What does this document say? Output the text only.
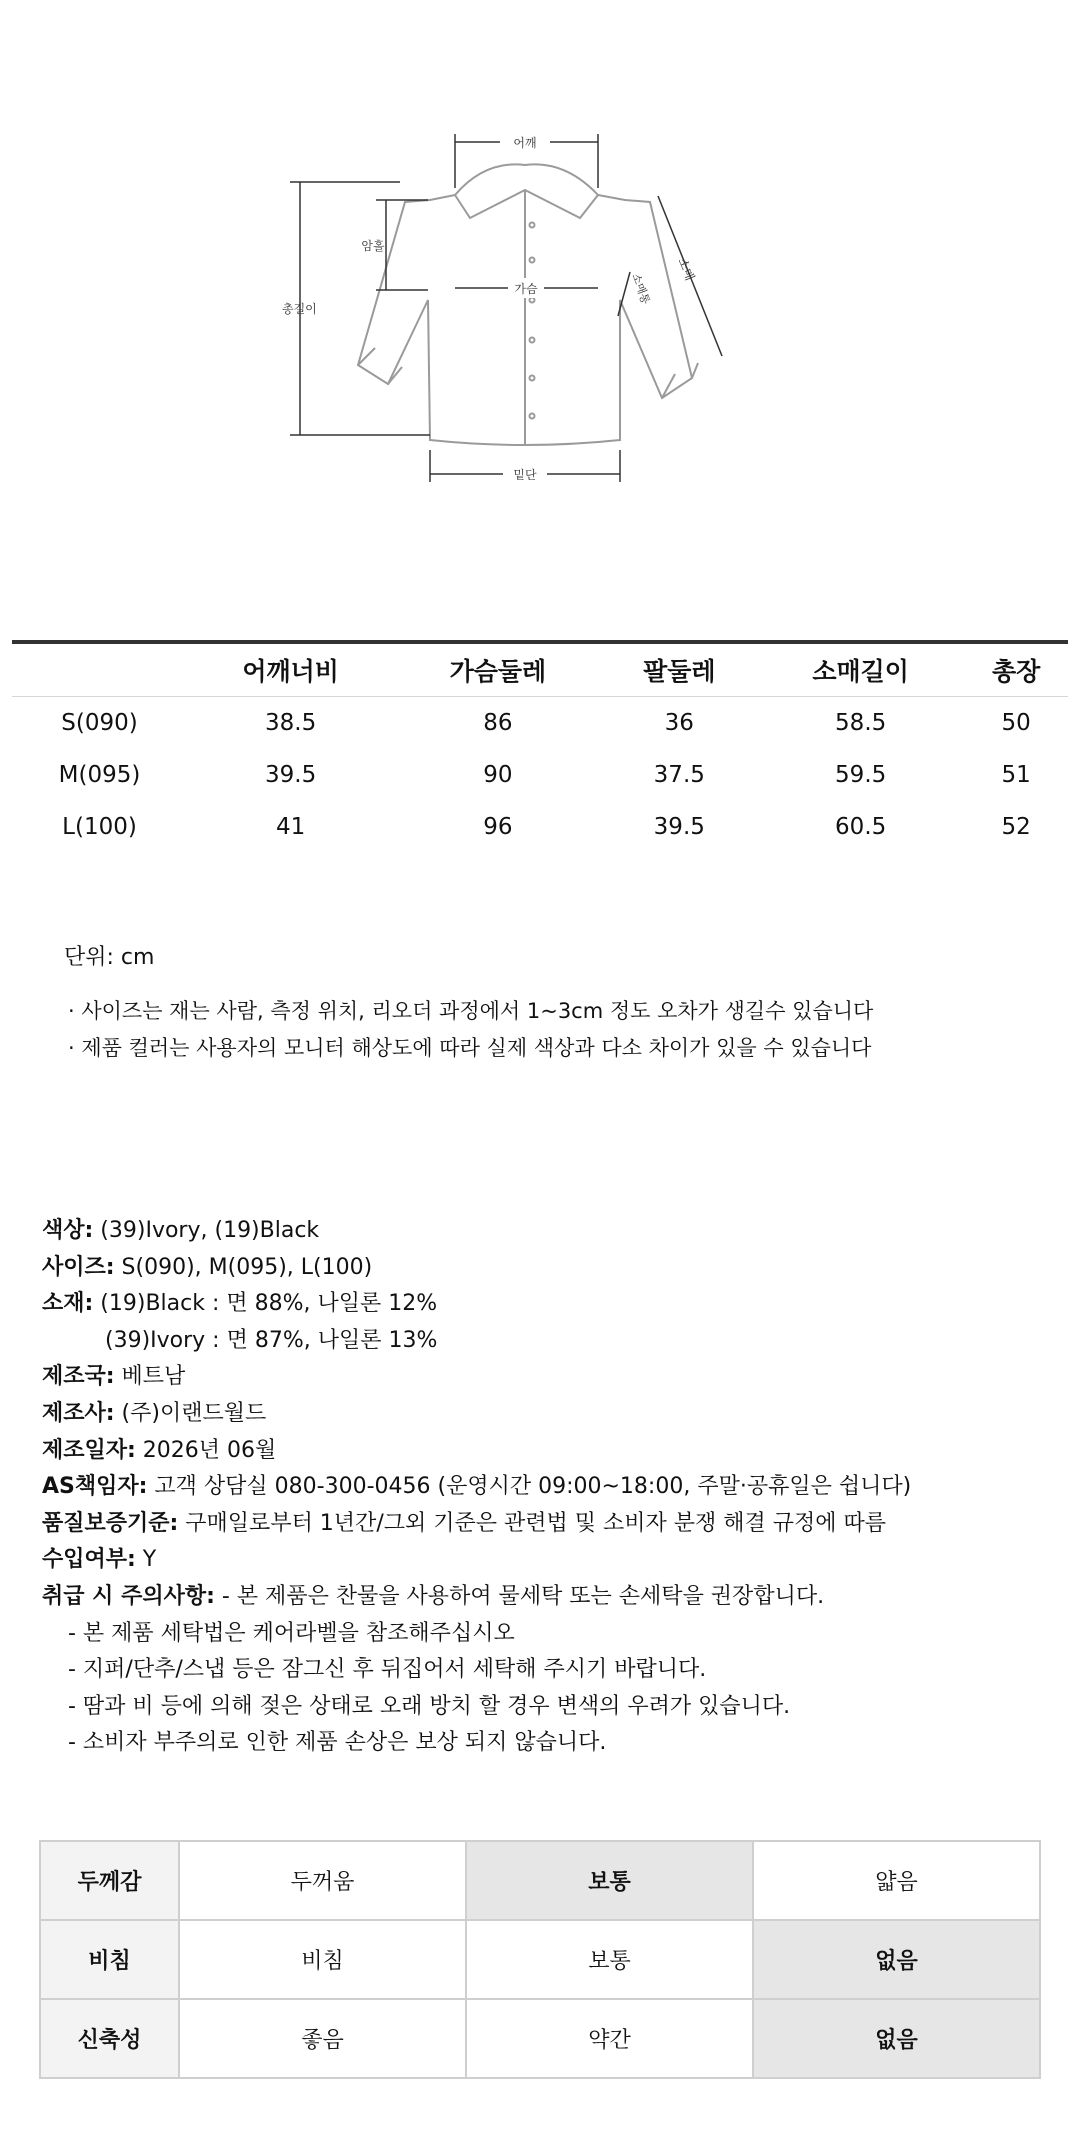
어깨
총길이
암홀
가슴	소매통
소매
밑단
	어깨너비	가슴둘레	팔둘레	소매길이	총장
S(090)	38.5	86	36	58.5	50
M(095)	39.5	90	37.5	59.5	51
L(100)	41	96	39.5	60.5	52
단위: cm
· 사이즈는 재는 사람, 측정 위치, 리오더 과정에서 1~3cm 정도 오차가 생길수 있습니다
· 제품 컬러는 사용자의 모니터 해상도에 따라 실제 색상과 다소 차이가 있을 수 있습니다
색상: (39)Ivory, (19)Black
사이즈: S(090), M(095), L(100)
소재: (19)Black : 면 88%, 나일론 12%
(39)Ivory : 면 87%, 나일론 13%
제조국: 베트남
제조사: (주)이랜드월드
제조일자: 2026년 06월
AS책임자: 고객 상담실 080-300-0456 (운영시간 09:00~18:00, 주말·공휴일은 쉽니다)
품질보증기준: 구매일로부터 1년간/그외 기준은 관련법 및 소비자 분쟁 해결 규정에 따름
수입여부: Y
취급 시 주의사항: - 본 제품은 찬물을 사용하여 물세탁 또는 손세탁을 권장합니다.
- 본 제품 세탁법은 케어라벨을 참조해주십시오
- 지퍼/단추/스냅 등은 잠그신 후 뒤집어서 세탁해 주시기 바랍니다.
- 땀과 비 등에 의해 젖은 상태로 오래 방치 할 경우 변색의 우려가 있습니다.
- 소비자 부주의로 인한 제품 손상은 보상 되지 않습니다.
두께감	두꺼움	보통	얇음
비침	비침	보통	없음
신축성	좋음	약간	없음
